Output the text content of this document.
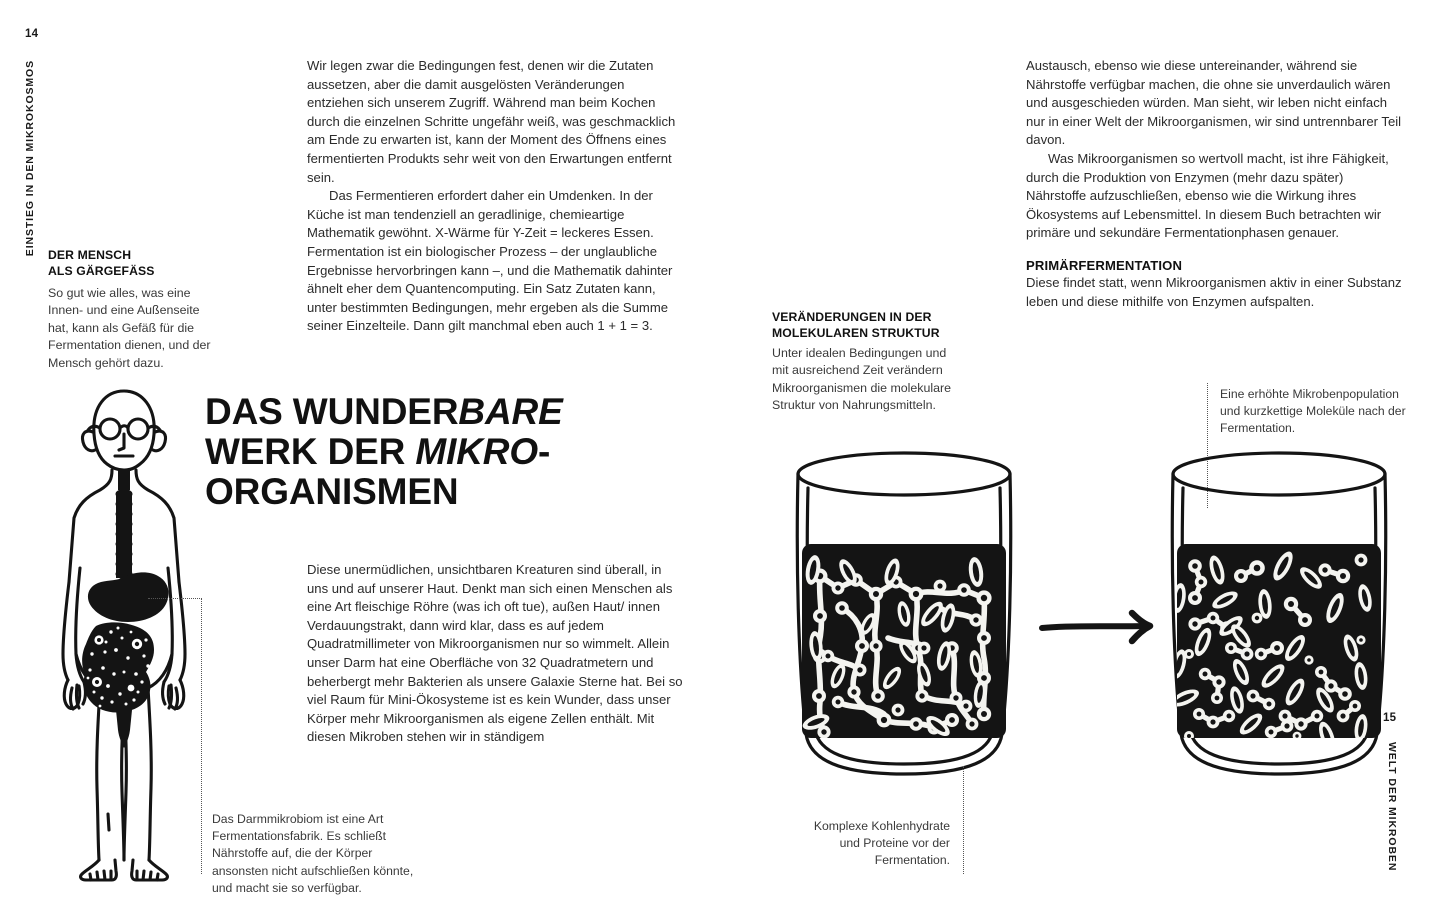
14
EINSTIEG IN DEN MIKROKOSMOS DER MENSCH
ALS GÄRGEFÄSS
So gut wie alles, was eine Innen- und eine Außenseite hat, kann als Gefäß für die Fermentation dienen, und der Mensch gehört dazu.

Wir legen zwar die Bedingungen fest, denen wir die Zutaten aussetzen, aber die damit ausgelösten Veränderungen entziehen sich unserem Zugriff. Während man beim Kochen durch die einzelnen Schritte ungefähr weiß, was geschmacklich am Ende zu erwarten ist, kann der Moment des Öffnens eines fermentierten Produkts sehr weit von den Erwartungen entfernt sein.

Das Fermentieren erfordert daher ein Umdenken. In der Küche ist man tendenziell an geradlinige, chemieartige Mathematik gewöhnt. X-Wärme für Y-Zeit = leckeres Essen. Fermentation ist ein biologischer Prozess – der unglaubliche Ergebnisse hervorbringen kann –, und die Mathematik dahinter ähnelt eher dem Quantencomputing. Ein Satz Zutaten kann, unter bestimmten Bedingungen, mehr ergeben als die Summe seiner Einzelteile. Dann gilt manchmal eben auch 1 + 1 = 3.

DAS WUNDERBARE
WERK DER MIKRO-
ORGANISMEN

Diese unermüdlichen, unsichtbaren Kreaturen sind überall, in uns und auf unserer Haut. Denkt man sich einen Menschen als eine Art fleischige Röhre (was ich oft tue), außen Haut/ innen Verdauungstrakt, dann wird klar, dass es auf jedem Quadratmillimeter von Mikroorganismen nur so wimmelt. Allein unser Darm hat eine Oberfläche von 32 Quadratmetern und beherbergt mehr Bakterien als unsere Galaxie Sterne hat. Bei so viel Raum für Mini-Ökosysteme ist es kein Wunder, dass unser Körper mehr Mikroorganismen als eigene Zellen enthält. Mit diesen Mikroben stehen wir in ständigem

Das Darmmikrobiom ist eine Art Fermentationsfabrik. Es schließt Nährstoffe auf, die der Körper ansonsten nicht aufschließen könnte, und macht sie so verfügbar.
15
WELT DER MIKROBEN

Austausch, ebenso wie diese untereinander, während sie Nährstoffe verfügbar machen, die ohne sie unverdaulich wären und ausgeschieden würden. Man sieht, wir leben nicht einfach nur in einer Welt der Mikroorganismen, wir sind untrennbarer Teil davon.

Was Mikroorganismen so wertvoll macht, ist ihre Fähigkeit, durch die Produktion von Enzymen (mehr dazu später) Nährstoffe aufzuschließen, ebenso wie die Wirkung ihres Ökosystems auf Lebensmittel. In diesem Buch betrachten wir primäre und sekundäre Fermentationphasen genauer.

PRIMÄRFERMENTATION
Diese findet statt, wenn Mikroorganismen aktiv in einer Substanz leben und diese mithilfe von Enzymen aufspalten.
VERÄNDERUNGEN IN DER
MOLEKULAREN STRUKTUR
Unter idealen Bedingungen und mit ausreichend Zeit verändern Mikroorganismen die molekulare Struktur von Nahrungsmitteln.
Eine erhöhte Mikrobenpopulation und kurzkettige Moleküle nach der Fermentation.
Komplexe Kohlenhydrate und Proteine vor der Fermentation.
